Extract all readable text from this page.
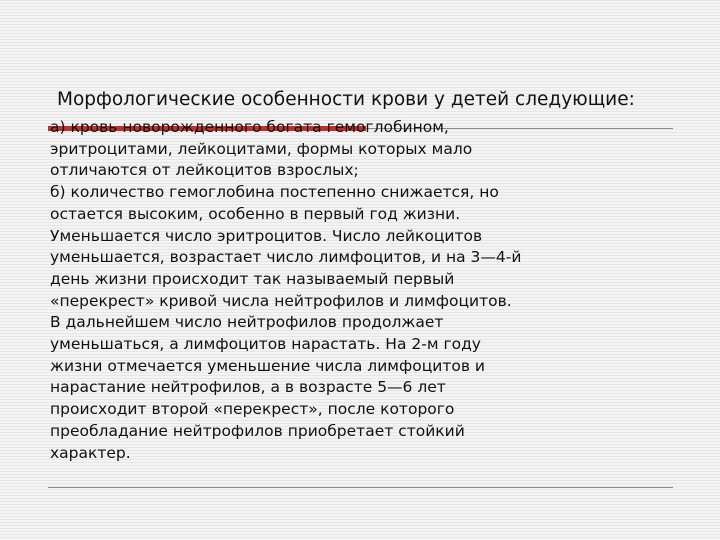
Морфологические особенности крови у детей следующие:
а) кровь новорожденного богата гемоглобином,
эритроцитами, лейкоцитами, формы которых мало
отличаются от лейкоцитов взрослых;
б) количество гемоглобина постепенно снижается, но
остается высоким, особенно в первый год жизни.
Уменьшается число эритроцитов. Число лейкоцитов
уменьшается, возрастает число лимфоцитов, и на 3—4-й
день жизни происходит так называемый первый
«перекрест» кривой числа нейтрофилов и лимфоцитов.
В дальнейшем число нейтрофилов продолжает
уменьшаться, а лимфоцитов нарастать. На 2-м году
жизни отмечается уменьшение числа лимфоцитов и
нарастание нейтрофилов, а в возрасте 5—6 лет
происходит второй «перекрест», после которого
преобладание нейтрофилов приобретает стойкий
характер.
